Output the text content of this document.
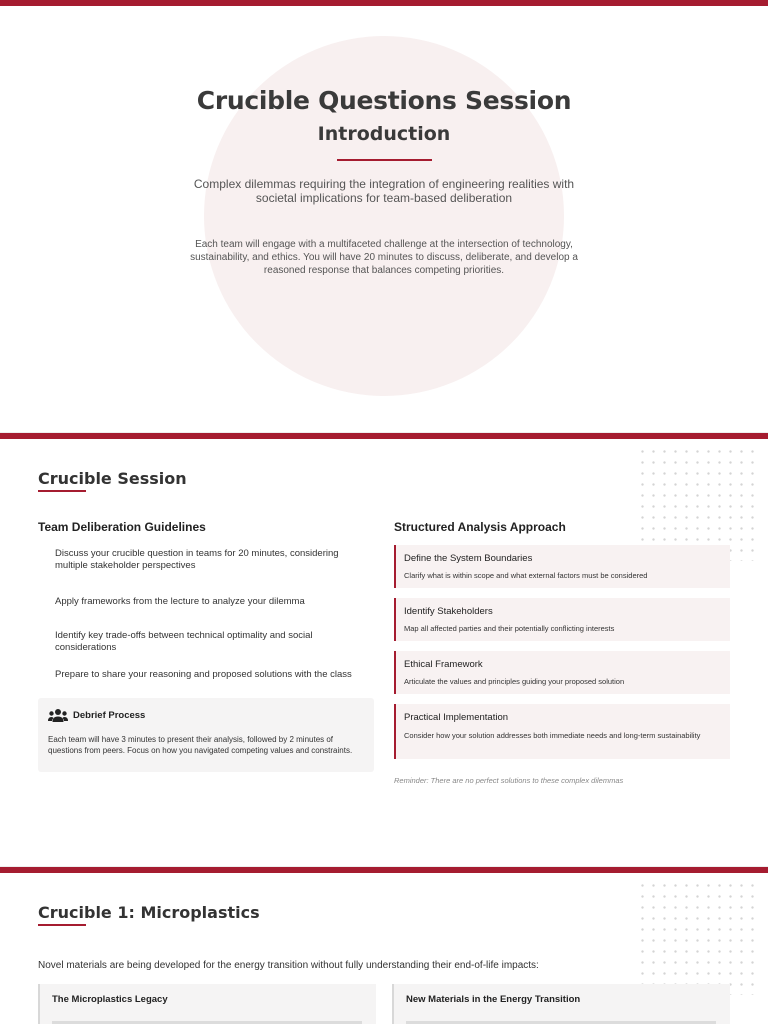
Crucible Questions Session
Introduction

Complex dilemmas requiring the integration of engineering realities with societal implications for team-based deliberation

Each team will engage with a multifaceted challenge at the intersection of technology, sustainability, and ethics. You will have 20 minutes to discuss, deliberate, and develop a reasoned response that balances competing priorities.

Crucible Session
Team Deliberation Guidelines

Discuss your crucible question in teams for 20 minutes, considering multiple stakeholder perspectives

Apply frameworks from the lecture to analyze your dilemma

Identify key trade-offs between technical optimality and social considerations

Prepare to share your reasoning and proposed solutions with the class

Debrief Process

Each team will have 3 minutes to present their analysis, followed by 2 minutes of questions from peers. Focus on how you navigated competing values and constraints.

Structured Analysis Approach
Define the System Boundaries

Clarify what is within scope and what external factors must be considered

Identify Stakeholders

Map all affected parties and their potentially conflicting interests

Ethical Framework

Articulate the values and principles guiding your proposed solution

Practical Implementation

Consider how your solution addresses both immediate needs and long-term sustainability

Reminder: There are no perfect solutions to these complex dilemmas

Crucible 1: Microplastics

Novel materials are being developed for the energy transition without fully understanding their end-of-life impacts:

The Microplastics Legacy	New Materials in the Energy Transition
